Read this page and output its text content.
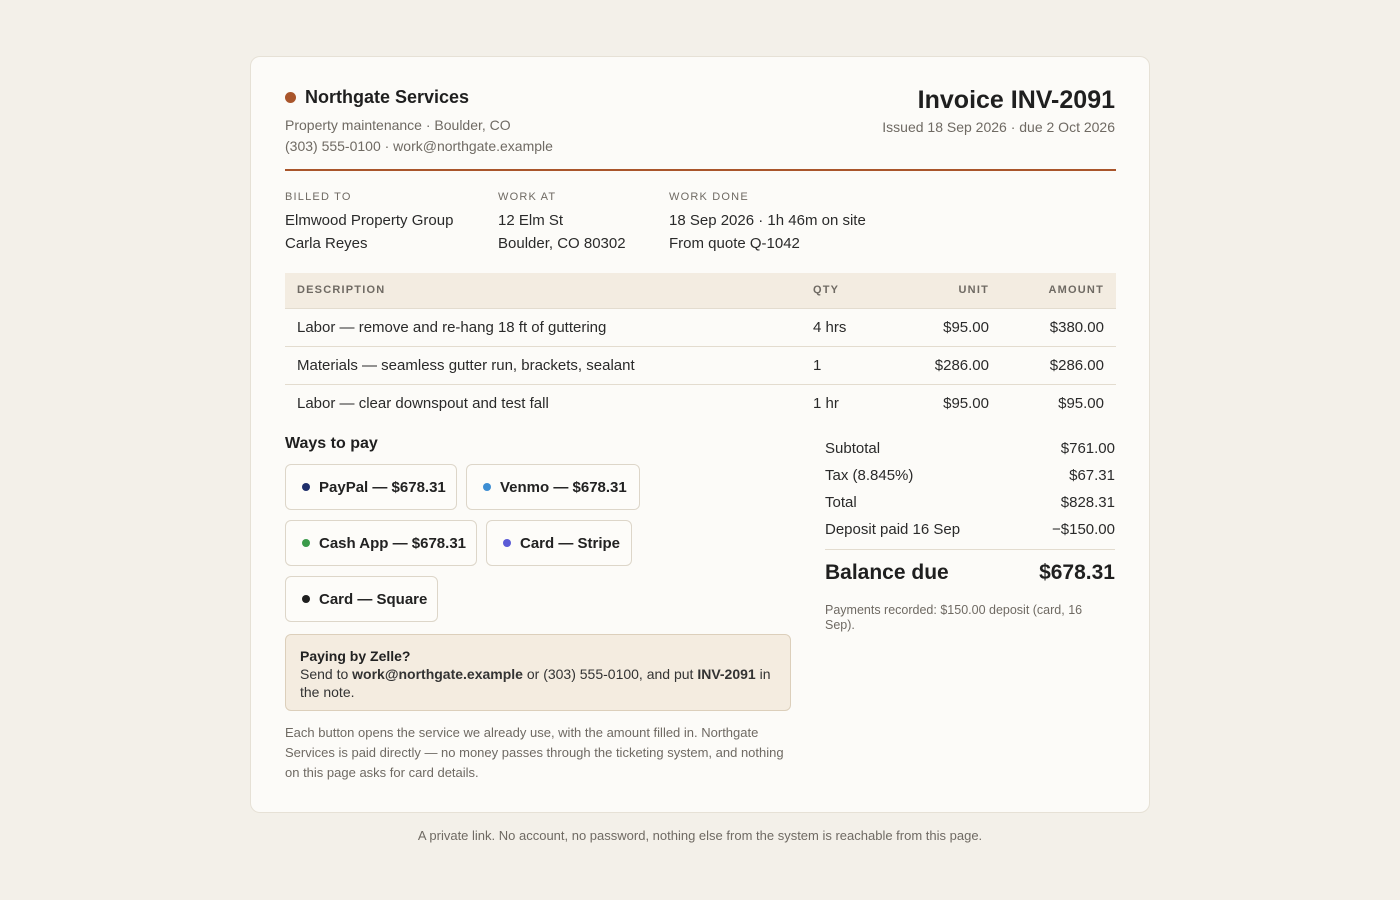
Northgate Services
Property maintenance · Boulder, CO
(303) 555-0100 · work@northgate.example
Invoice INV-2091
Issued 18 Sep 2026 · due 2 Oct 2026
BILLED TO
Elmwood Property Group
Carla Reyes
WORK AT
12 Elm St
Boulder, CO 80302
WORK DONE
18 Sep 2026 · 1h 46m on site
From quote Q-1042
DESCRIPTION	QTY	UNIT	AMOUNT
Labor — remove and re-hang 18 ft of guttering	4 hrs	$95.00	$380.00
Materials — seamless gutter run, brackets, sealant	1	$286.00	$286.00
Labor — clear downspout and test fall	1 hr	$95.00	$95.00
Ways to pay
PayPal — $678.31	Venmo — $678.31
Cash App — $678.31	Card — Stripe
Card — Square
Paying by Zelle?
Send to work@northgate.example or (303) 555-0100, and put INV-2091 in the note.
Each button opens the service we already use, with the amount filled in. Northgate Services is paid directly — no money passes through the ticketing system, and nothing on this page asks for card details.
Subtotal	$761.00
Tax (8.845%)	$67.31
Total	$828.31
Deposit paid 16 Sep	−$150.00
Balance due	$678.31
Payments recorded: $150.00 deposit (card, 16 Sep).
A private link. No account, no password, nothing else from the system is reachable from this page.
